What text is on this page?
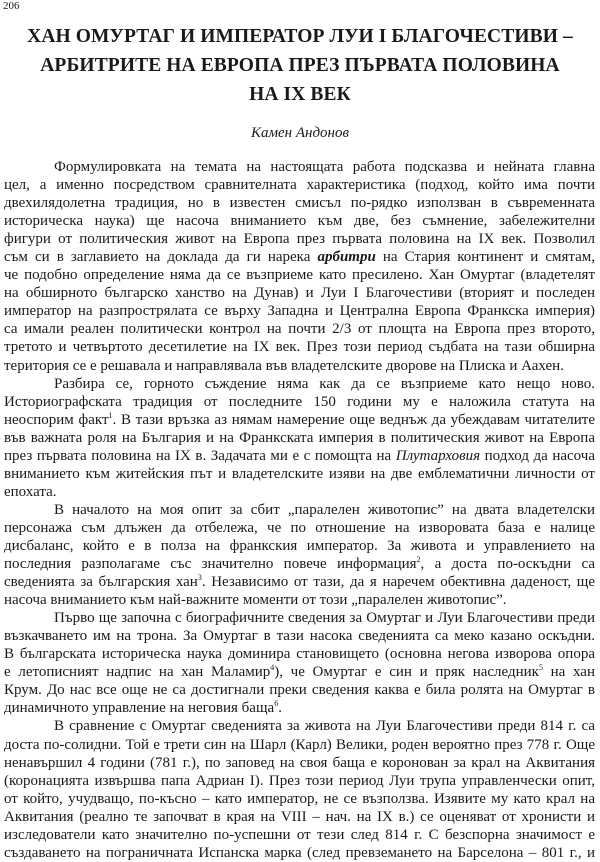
206
ХАН ОМУРТАГ И ИМПЕРАТОР ЛУИ I БЛАГОЧЕСТИВИ –
АРБИТРИТЕ НА ЕВРОПА ПРЕЗ ПЪРВАТА ПОЛОВИНА
НА IX ВЕК
Камен Андонов
Формулировката на темата на настоящата работа подсказва и нейната главна
цел, а именно посредством сравнителната характеристика (подход, който има почти
двехилядолетна традиция, но в известен смисъл по-рядко използван в съвременната
историческа наука) ще насоча вниманието към две, без съмнение, забележителни
фигури от политическия живот на Европа през първата половина на IX век. Позволил
съм си в заглавието на доклада да ги нарека арбитри на Стария континент и смятам,
че подобно определение няма да се възприеме като пресилено. Хан Омуртаг (владетелят
на обширното българско ханство на Дунав) и Луи I Благочестиви (вторият и последен
император на разпрострялата се върху Западна и Централна Европа Франкска империя)
са имали реален политически контрол на почти 2/3 от площта на Европа през второто,
третото и четвъртото десетилетие на IX век. През този период съдбата на тази обширна
територия се е решавала и направлявала във владетелските дворове на Плиска и Аахен.
Разбира се, горното съждение няма как да се възприеме като нещо ново.
Историографската традиция от последните 150 години му е наложила статута на
неоспорим факт$^1$. В тази връзка аз нямам намерение още веднъж да убеждавам читателите
във важната роля на България и на Франкската империя в политическия живот на Европа
през първата половина на IX в. Задачата ми е с помощта на Плутарховия подход да насоча
вниманието към житейския път и владетелските изяви на две емблематични личности от
епохата.
В началото на моя опит за сбит „паралелен животопис” на двата владетелски
персонажа съм длъжен да отбележа, че по отношение на изворовата база е налице
дисбаланс, който е в полза на франкския император. За живота и управлението на
последния разполагаме със значително повече информация$^2$, а доста по-оскъдни са
сведенията за българския хан$^3$. Независимо от тази, да я наречем обективна даденост, ще
насоча вниманието към най-важните моменти от този „паралелен животопис”.
Първо ще започна с биографичните сведения за Омуртаг и Луи Благочестиви преди
възкачването им на трона. За Омуртаг в тази насока сведенията са меко казано оскъдни.
В българската историческа наука доминира становището (основна негова изворова опора
е летописният надпис на хан Маламир$^4$), че Омуртаг е син и пряк наследник$^5$ на хан
Крум. До нас все още не са достигнали преки сведения каква е била ролята на Омуртаг в
динамичното управление на неговия баща$^6$.
В сравнение с Омуртаг сведенията за живота на Луи Благочестиви преди 814 г. са
доста по-солидни. Той е трети син на Шарл (Карл) Велики, роден вероятно през 778 г. Още
ненавършил 4 години (781 г.), по заповед на своя баща е коронован за крал на Аквитания
(коронацията извършва папа Адриан I). През този период Луи трупа управленчески опит,
от който, учудващо, по-късно – като император, не се възползва. Изявите му като крал на
Аквитания (реално те започват в края на VIII – нач. на IX в.) се оценяват от хронисти и
изследователи като значително по-успешни от тези след 814 г. С безспорна значимост е
създаването на пограничната Испанска марка (след превземането на Барселона – 801 г., и
